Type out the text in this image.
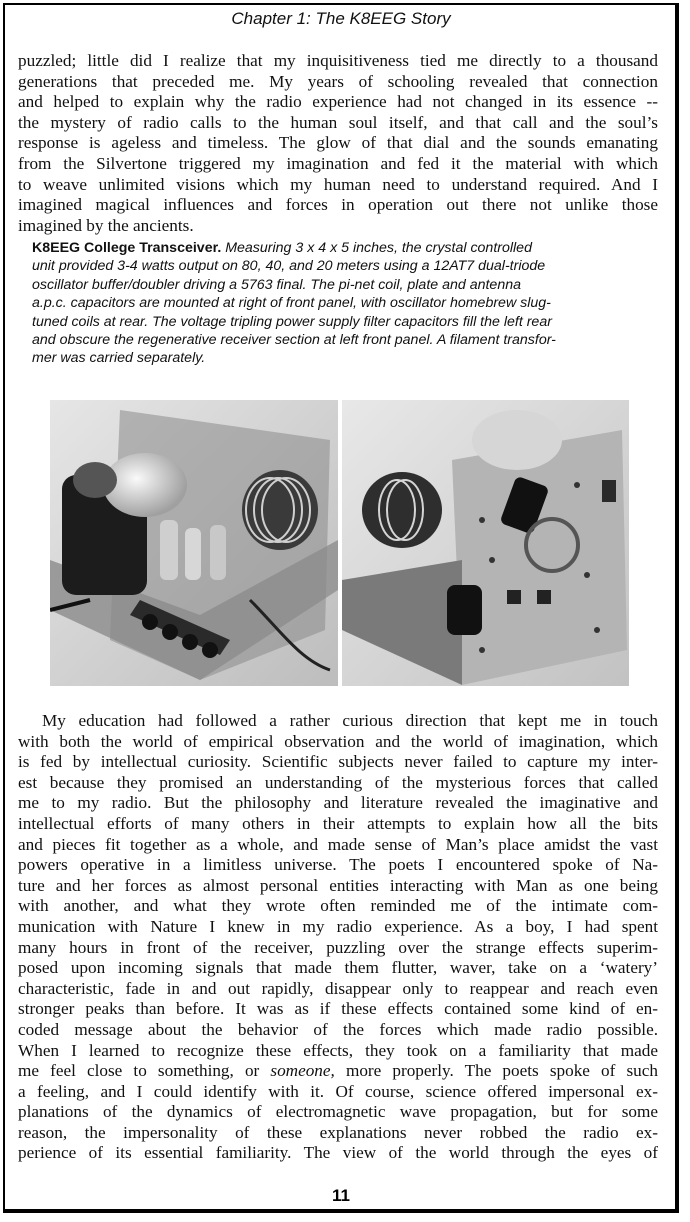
Chapter 1: The K8EEG Story

puzzled; little did I realize that my inquisitiveness tied me directly to a thousand
generations that preceded me. My years of schooling revealed that connection
and helped to explain why the radio experience had not changed in its essence --
the mystery of radio calls to the human soul itself, and that call and the soul’s
response is ageless and timeless. The glow of that dial and the sounds emanating
from the Silvertone triggered my imagination and fed it the material with which
to weave unlimited visions which my human need to understand required. And I
imagined magical influences and forces in operation out there not unlike those
imagined by the ancients.

K8EEG College Transceiver. Measuring 3 x 4 x 5 inches, the crystal controlled
unit provided 3-4 watts output on 80, 40, and 20 meters using a 12AT7 dual-triode
oscillator buffer/doubler driving a 5763 final. The pi-net coil, plate and antenna
a.p.c. capacitors are mounted at right of front panel, with oscillator homebrew slug-
tuned coils at rear. The voltage tripling power supply filter capacitors fill the left rear
and obscure the regenerative receiver section at left front panel. A filament transfor-
mer was carried separately.

My education had followed a rather curious direction that kept me in touch
with both the world of empirical observation and the world of imagination, which
is fed by intellectual curiosity. Scientific subjects never failed to capture my inter-
est because they promised an understanding of the mysterious forces that called
me to my radio. But the philosophy and literature revealed the imaginative and
intellectual efforts of many others in their attempts to explain how all the bits
and pieces fit together as a whole, and made sense of Man’s place amidst the vast
powers operative in a limitless universe. The poets I encountered spoke of Na-
ture and her forces as almost personal entities interacting with Man as one being
with another, and what they wrote often reminded me of the intimate com-
munication with Nature I knew in my radio experience. As a boy, I had spent
many hours in front of the receiver, puzzling over the strange effects superim-
posed upon incoming signals that made them flutter, waver, take on a ‘watery’
characteristic, fade in and out rapidly, disappear only to reappear and reach even
stronger peaks than before. It was as if these effects contained some kind of en-
coded message about the behavior of the forces which made radio possible.
When I learned to recognize these effects, they took on a familiarity that made
me feel close to something, or someone, more properly. The poets spoke of such
a feeling, and I could identify with it. Of course, science offered impersonal ex-
planations of the dynamics of electromagnetic wave propagation, but for some
reason, the impersonality of these explanations never robbed the radio ex-
perience of its essential familiarity. The view of the world through the eyes of

11
